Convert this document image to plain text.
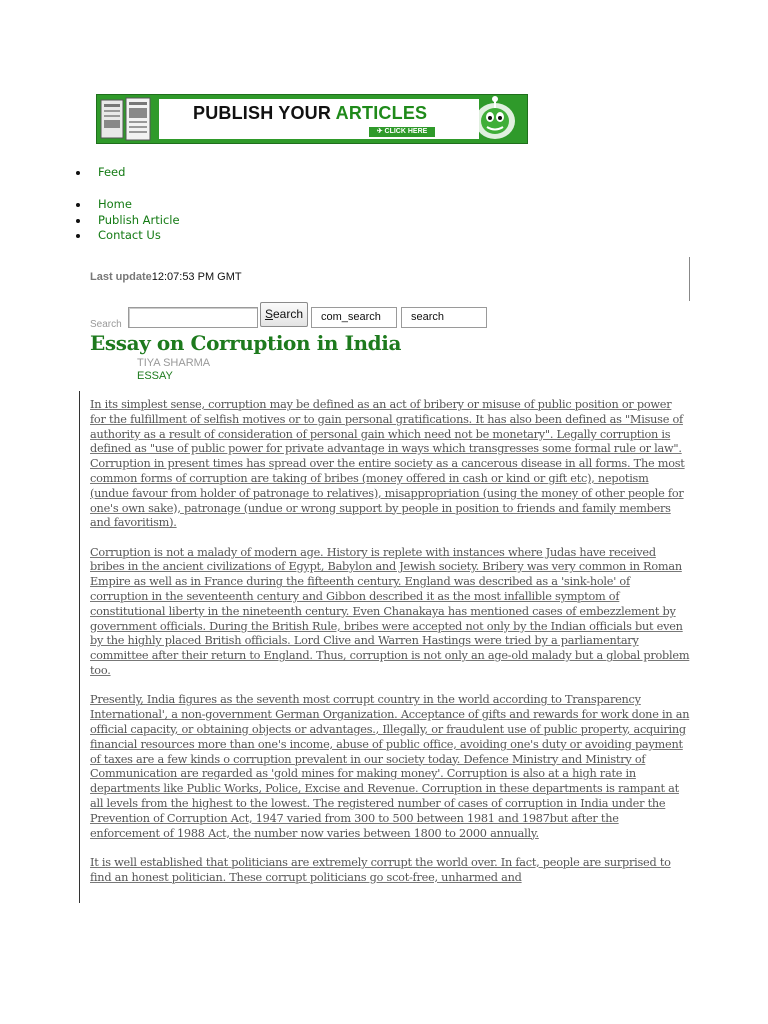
PUBLISH YOUR ARTICLES
✈ CLICK HERE
Feed
Home
Publish Article
Contact Us
Last update12:07:53 PM GMT
Search
Search	com_search	search
Essay on Corruption in India
TIYA SHARMA
ESSAY

In its simplest sense, corruption may be defined as an act of bribery or misuse of public position or power for the fulfillment of selfish motives or to gain personal gratifications. It has also been defined as "Misuse of authority as a result of consideration of personal gain which need not be monetary". Legally corruption is defined as "use of public power for private advantage in ways which transgresses some formal rule or law". Corruption in present times has spread over the entire society as a cancerous disease in all forms. The most common forms of corruption are taking of bribes (money offered in cash or kind or gift etc), nepotism (undue favour from holder of patronage to relatives), misappropriation (using the money of other people for one's own sake), patronage (undue or wrong support by people in position to friends and family members and favoritism).

Corruption is not a malady of modern age. History is replete with instances where Judas have received bribes in the ancient civilizations of Egypt, Babylon and Jewish society. Bribery was very common in Roman Empire as well as in France during the fifteenth century. England was described as a 'sink-hole' of corruption in the seventeenth century and Gibbon described it as the most infallible symptom of constitutional liberty in the nineteenth century. Even Chanakaya has mentioned cases of embezzlement by government officials. During the British Rule, bribes were accepted not only by the Indian officials but even by the highly placed British officials. Lord Clive and Warren Hastings were tried by a parliamentary committee after their return to England. Thus, corruption is not only an age-old malady but a global problem too.

Presently, India figures as the seventh most corrupt country in the world according to Transparency International', a non-government German Organization. Acceptance of gifts and rewards for work done in an official capacity, or obtaining objects or advantages., Illegally, or fraudulent use of public property, acquiring financial resources more than one's income, abuse of public office, avoiding one's duty or avoiding payment of taxes are a few kinds o corruption prevalent in our society today. Defence Ministry and Ministry of Communication are regarded as 'gold mines for making money'. Corruption is also at a high rate in departments like Public Works, Police, Excise and Revenue. Corruption in these departments is rampant at all levels from the highest to the lowest. The registered number of cases of corruption in India under the Prevention of Corruption Act, 1947 varied from 300 to 500 between 1981 and 1987but after the enforcement of 1988 Act, the number now varies between 1800 to 2000 annually.

It is well established that politicians are extremely corrupt the world over. In fact, people are surprised to find an honest politician. These corrupt politicians go scot-free, unharmed and
